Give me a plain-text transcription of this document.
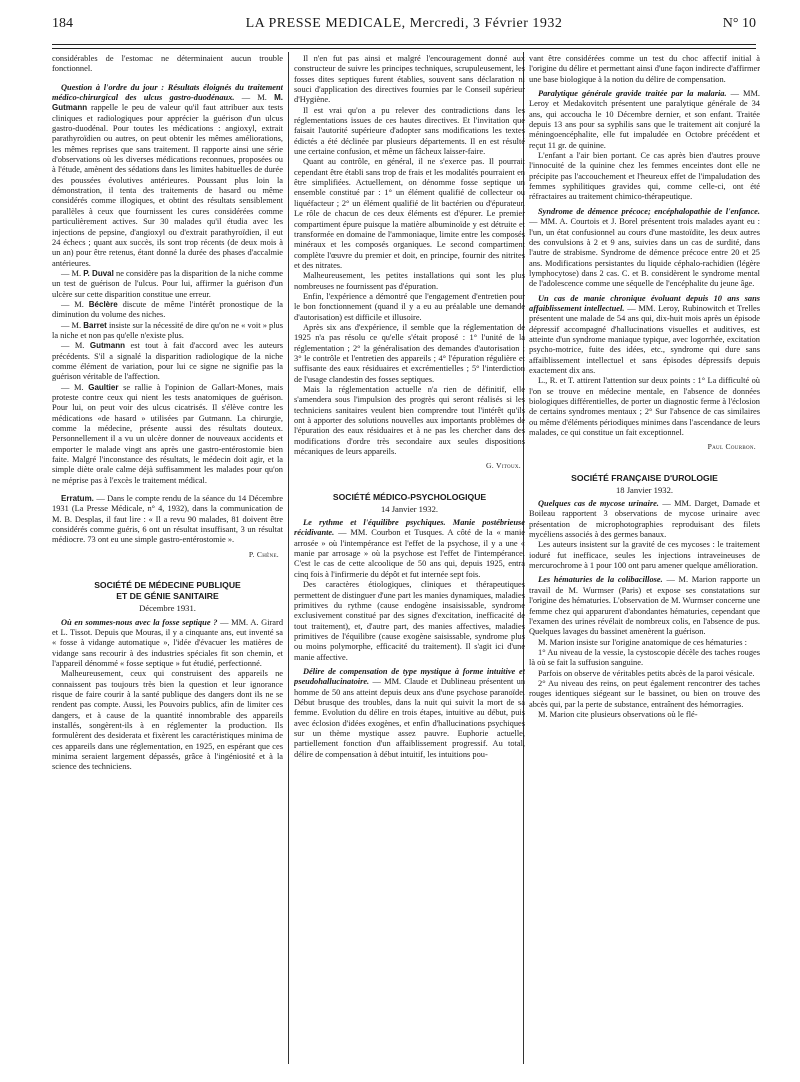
184	LA PRESSE MEDICALE, Mercredi, 3 Février 1932	N° 10

considérables de l'estomac ne déterminaient aucun trouble fonctionnel.

Question à l'ordre du jour : Résultats éloignés du traitement médico-chirurgical des ulcus gastro-duodénaux. — M. M. Gutmann rappelle le peu de valeur qu'il faut attribuer aux tests cliniques et radiologiques pour apprécier la guérison d'un ulcus gastro-duodénal. Pour toutes les médications : angioxyl, extrait parathyroïdien ou autres, on peut obtenir les mêmes améliorations, les mêmes reprises que sans traitement. Il rapporte ainsi une série d'observations où les diverses médications reconnues, proposées ou à l'étude, amènent des sédations dans les limites habituelles de durée des poussées évolutives antérieures. Poussant plus loin la démonstration, il tenta des traitements de hasard ou même considérés comme illogiques, et obtint des résultats sensiblement parallèles à ceux que fournissent les cures considérées comme particulièrement actives. Sur 30 malades qu'il étudia avec les injections de pepsine, d'angioxyl ou d'extrait parathyroïdien, il eut 24 échecs ; quant aux succès, ils sont trop récents (de deux mois à un an) pour être retenus, étant donné la durée des phases d'accalmie antérieures.

— M. P. Duval ne considère pas la disparition de la niche comme un test de guérison de l'ulcus. Pour lui, affirmer la guérison d'un ulcère sur cette disparition constitue une erreur.

— M. Béclère discute de même l'intérêt pronostique de la diminution du volume des niches.

— M. Barret insiste sur la nécessité de dire qu'on ne « voit » plus la niche et non pas qu'elle n'existe plus.

— M. Gutmann est tout à fait d'accord avec les auteurs précédents. S'il a signalé la disparition radiologique de la niche comme élément de variation, pour lui ce signe ne signifie pas la guérison véritable de l'affection.

— M. Gaultier se rallie à l'opinion de Gallart-Mones, mais proteste contre ceux qui nient les tests anatomiques de guérison. Pour lui, on peut voir des ulcus cicatrisés. Il s'élève contre les médications «de hasard » utilisées par Gutmann. La chirurgie, comme la médecine, présente aussi des résultats douteux. Personnellement il a vu un ulcère donner de nouveaux accidents et emporter le malade vingt ans après une gastro-entérostomie bien faite. Malgré l'inconstance des résultats, le médecin doit agir, et la simple diète orale calme déjà suffisamment les malades pour qu'on ne méprise pas à l'excès le traitement médical.

Erratum. — Dans le compte rendu de la séance du 14 Décembre 1931 (La Presse Médicale, n° 4, 1932), dans la communication de M. B. Desplas, il faut lire : « Il a revu 90 malades, 81 doivent être considérés comme guéris, 6 ont un résultat insuffisant, 3 un résultat médiocre. 73 ont eu une simple gastro-entérostomie ».

P. Chêne.
SOCIÉTÉ DE MÉDECINE PUBLIQUE
ET DE GÉNIE SANITAIRE
Décembre 1931.

Où en sommes-nous avec la fosse septique ? — MM. A. Girard et L. Tissot. Depuis que Mouras, il y a cinquante ans, eut inventé sa « fosse à vidange automatique », l'idée d'évacuer les matières de vidange sans recourir à des industries spéciales fit son chemin, et l'appareil dénommé « fosse septique » fut étudié, perfectionné.

Malheureusement, ceux qui construisent des appareils ne connaissent pas toujours très bien la question et leur ignorance risque de faire courir à la santé publique des dangers dont ils ne se rendent pas compte. Aussi, les Pouvoirs publics, afin de limiter ces dangers, et à cause de la quantité innombrable des appareils installés, songèrent-ils à en réglementer la production. Ils formulèrent des desiderata et fixèrent les caractéristiques minima de ces appareils dans une réglementation, en 1925, en espérant que ces minima seraient largement dépassés, grâce à l'ingéniosité et à la science des techniciens.

Il n'en fut pas ainsi et malgré l'encouragement donné aux constructeur de suivre les principes techniques, scrupuleusement, les fosses dites septiques furent établies, souvent sans déclaration ni souci d'application des directives fournies par le Conseil supérieur d'Hygiène.

Il est vrai qu'on a pu relever des contradictions dans les réglementations issues de ces hautes directives. Et l'invitation que faisait l'autorité supérieure d'adopter sans modifications les textes édictés a été déclinée par plusieurs départements. Il en est résulté une certaine confusion, et même un fâcheux laisser-faire.

Quant au contrôle, en général, il ne s'exerce pas. Il pourrait cependant être établi sans trop de frais et les modalités pourraient en être simplifiées. Actuellement, on dénomme fosse septique un ensemble constitué par : 1° un élément qualifié de collecteur ou liquéfacteur ; 2° un élément qualifié de lit bactérien ou d'épurateur. Le rôle de chacun de ces deux éléments est d'épurer. Le premier compartiment épure puisque la matière albuminoïde y est détruite et transformée en domaine de l'ammoniaque, limite entre les composés minéraux et les composés organiques. Le second compartiment complète l'œuvre du premier et doit, en principe, fournir des nitrites et des nitrates.

Malheureusement, les petites installations qui sont les plus nombreuses ne fournissent pas d'épuration.

Enfin, l'expérience a démontré que l'engagement d'entretien pour le bon fonctionnement (quand il y a eu au préalable une demande d'autorisation) est difficile et illusoire.

Après six ans d'expérience, il semble que la réglementation de 1925 n'a pas résolu ce qu'elle s'était proposé : 1° l'unité de la réglementation ; 2° la généralisation des demandes d'autorisation ; 3° le contrôle et l'entretien des appareils ; 4° l'épuration régulière et suffisante des eaux résiduaires et excrémentielles ; 5° l'interdiction de l'usage clandestin des fosses septiques.

Mais la réglementation actuelle n'a rien de définitif, elle s'amendera sous l'impulsion des progrès qui seront réalisés si les techniciens sanitaires veulent bien comprendre tout l'intérêt qu'ils ont à apporter des solutions nouvelles aux importants problèmes de l'épuration des eaux résiduaires et à ne pas les chercher dans des modifications d'ordre très secondaire aux seules dispositions mécaniques de leurs appareils.

G. Vitoux.
SOCIÉTÉ MÉDICO-PSYCHOLOGIQUE
14 Janvier 1932.

Le rythme et l'équilibre psychiques. Manie postébrieuse récidivante. — MM. Courbon et Tusques. A côté de la « manie arrosée » où l'intempérance est l'effet de la psychose, il y a une « manie par arrosage » où la psychose est l'effet de l'intempérance. C'est le cas de cette alcoolique de 50 ans qui, depuis 1925, entra cinq fois à l'infirmerie du dépôt et fut internée sept fois.

Des caractères étiologiques, cliniques et thérapeutiques permettent de distinguer d'une part les manies dynamiques, maladies primitives du rythme (cause endogène insaisissable, syndrome exclusivement constitué par des signes d'excitation, inefficacité de tout traitement), et, d'autre part, des manies affectives, maladies primitives de l'équilibre (cause exogène saisissable, syndrome plus ou moins polymorphe, efficacité du traitement). Il s'agit ici d'une manie affective.

Délire de compensation de type mystique à forme intuitive et pseudohallucinatoire. — MM. Claude et Dublineau présentent un homme de 50 ans atteint depuis deux ans d'une psychose paranoïde. Début brusque des troubles, dans la nuit qui suivit la mort de sa femme. Evolution du délire en trois étapes, intuitive au début, puis avec éclosion d'idées exogènes, et enfin d'hallucinations psychiques sur un thème mystique assez pauvre. Euphorie actuelle, partiellement fonction d'un affaiblissement progressif. Au total, délire de compensation à début intuitif, les intuitions pou-

vant être considérées comme un test du choc affectif initial à l'origine du délire et permettant ainsi d'une façon indirecte d'affirmer une base biologique à la notion du délire de compensation.

Paralytique générale gravide traitée par la malaria. — MM. Leroy et Medakovitch présentent une paralytique générale de 34 ans, qui accoucha le 10 Décembre dernier, et son enfant. Traitée depuis 13 ans pour sa syphilis sans que le traitement ait conjuré la méningoencéphalite, elle fut impaludée en Octobre précédent et reçut 11 gr. de quinine.

L'enfant a l'air bien portant. Ce cas après bien d'autres prouve l'innocuité de la quinine chez les femmes enceintes dont elle ne précipite pas l'accouchement et l'heureux effet de l'impaludation des femmes syphilitiques gravides qui, comme celle-ci, ont été réfractaires au traitement chimico-thérapeutique.

Syndrome de démence précoce; encéphalopathie de l'enfance. — MM. A. Courtois et J. Borel présentent trois malades ayant eu : l'un, un état confusionnel au cours d'une mastoïdite, les deux autres des convulsions à 2 et 9 ans, suivies dans un cas de surdité, dans l'autre de strabisme. Syndrome de démence précoce entre 20 et 25 ans. Modifications persistantes du liquide céphalo-rachidien (légère lymphocytose) dans 2 cas. C. et B. considèrent le syndrome mental de l'adolescence comme une séquelle de l'encéphalite du jeune âge.

Un cas de manie chronique évoluant depuis 10 ans sans affaiblissement intellectuel. — MM. Leroy, Rubinowitch et Trelles présentent une malade de 54 ans qui, dix-huit mois après un épisode dépressif accompagné d'hallucinations visuelles et auditives, est atteinte d'un syndrome maniaque typique, avec logorrhée, excitation psycho-motrice, fuite des idées, etc., syndrome qui dure sans affaiblissement intellectuel et sans épisodes dépressifs depuis exactement dix ans.

L., R. et T. attirent l'attention sur deux points : 1° La difficulté où l'on se trouve en médecine mentale, en l'absence de données biologiques différentielles, de porter un diagnostic ferme à l'éclosion de certains syndromes mentaux ; 2° Sur l'absence de cas similaires ou même d'éléments périodiques minimes dans l'ascendance de leurs malades, ce qui constitue un fait exceptionnel.

Paul Courbon.
SOCIÉTÉ FRANÇAISE D'UROLOGIE
18 Janvier 1932.

Quelques cas de mycose urinaire. — MM. Darget, Damade et Boileau rapportent 3 observations de mycose urinaire avec présentation de microphotographies reproduisant des filets mycéliens associés à des germes banaux.

Les auteurs insistent sur la gravité de ces mycoses : le traitement ioduré fut inefficace, seules les injections intraveineuses de mercurochrome à 1 pour 100 ont paru amener quelque amélioration.

Les hématuries de la colibacillose. — M. Marion rapporte un travail de M. Wurmser (Paris) et expose ses constatations sur l'origine des hématuries. L'observation de M. Wurmser concerne une femme chez qui apparurent d'abondantes hématuries, cependant que l'examen des urines révélait de nombreux colis, en l'absence de pus. Quelques lavages du bassinet amenèrent la guérison.

M. Marion insiste sur l'origine anatomique de ces hématuries :

1° Au niveau de la vessie, la cystoscopie décèle des taches rouges là où se fait la suffusion sanguine.

Parfois on observe de véritables petits abcès de la paroi vésicale.

2° Au niveau des reins, on peut également rencontrer des taches rouges identiques siégeant sur le bassinet, ou bien on trouve des abcès qui, par la perte de substance, entraînent des hémorragies.

M. Marion cite plusieurs observations où le flé-
